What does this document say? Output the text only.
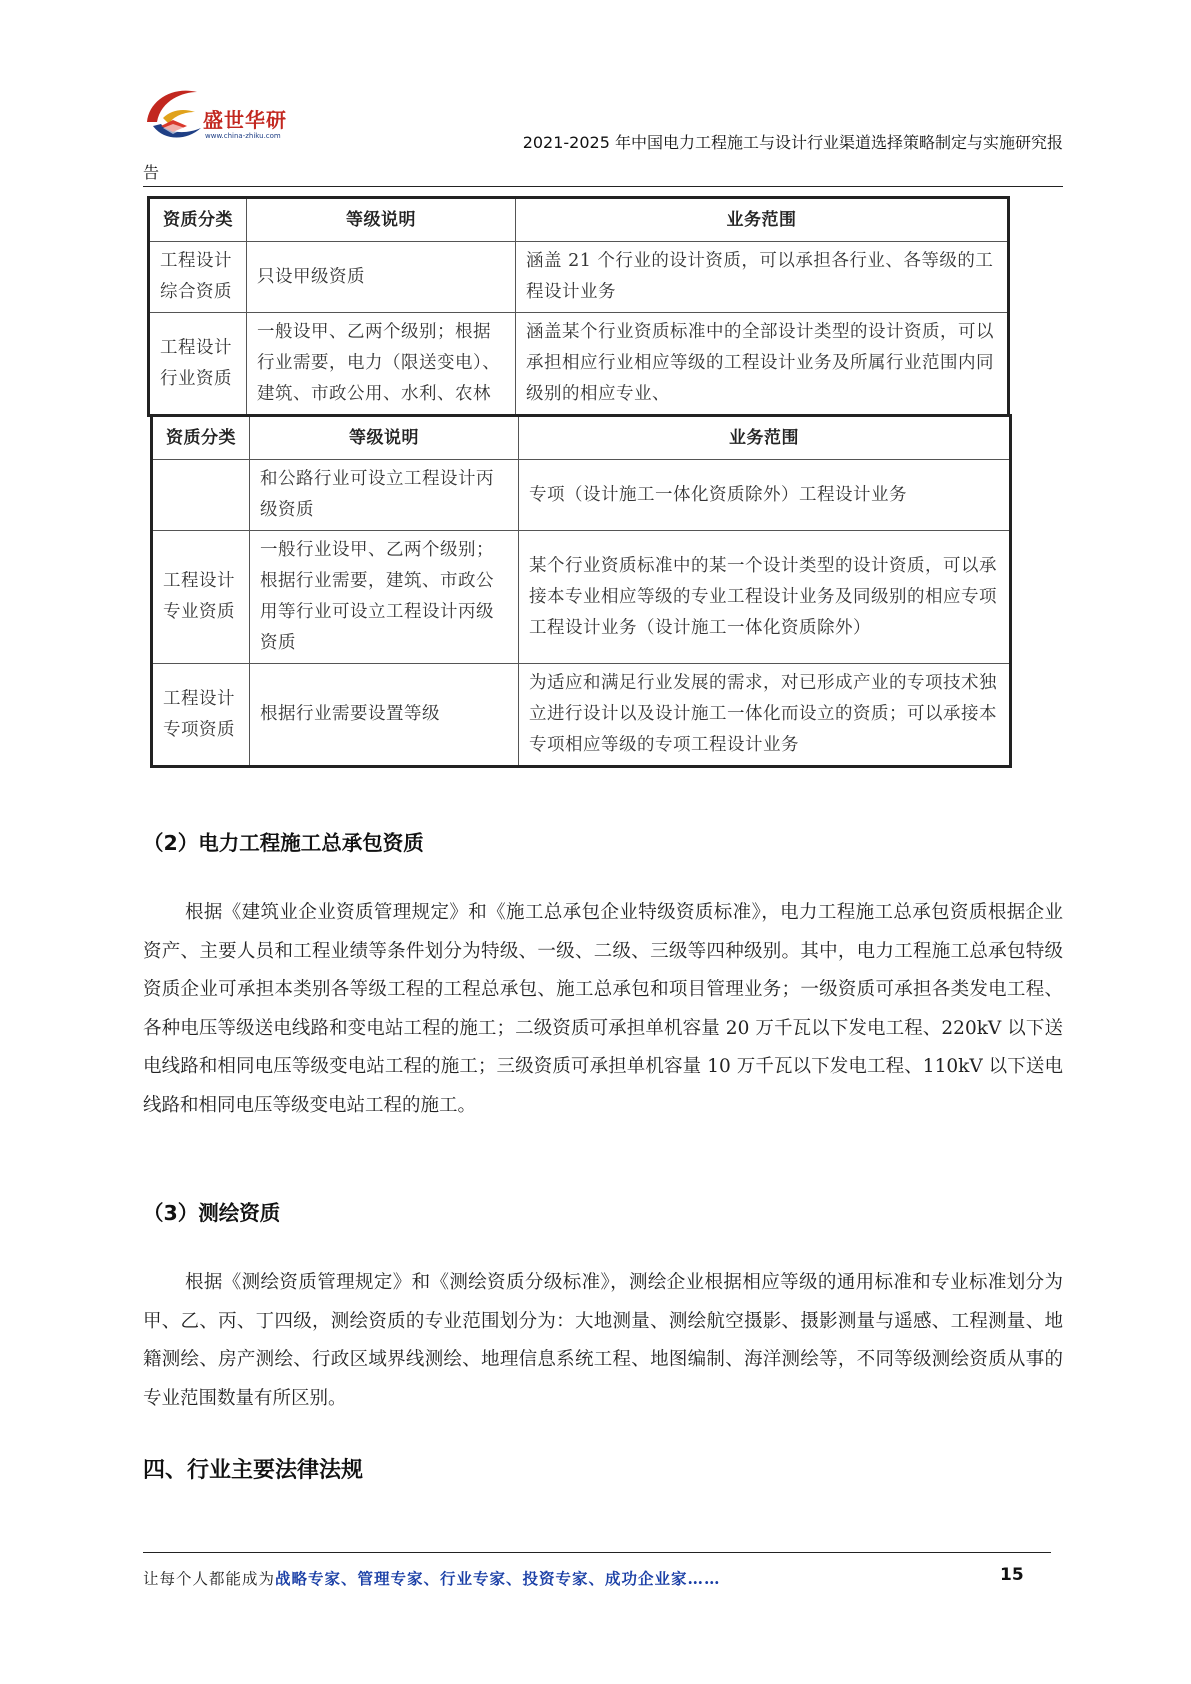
盛世华研
www.china-zhiku.com	2021-2025 年中国电力工程施工与设计行业渠道选择策略制定与实施研究报
告
资质分类	等级说明	业务范围
工程设计综合资质	只设甲级资质	涵盖 21 个行业的设计资质，可以承担各行业、各等级的工程设计业务
工程设计行业资质	一般设甲、乙两个级别；根据行业需要，电力（限送变电）、建筑、市政公用、水利、农林	涵盖某个行业资质标准中的全部设计类型的设计资质，可以承担相应行业相应等级的工程设计业务及所属行业范围内同级别的相应专业、
资质分类	等级说明	业务范围
	和公路行业可设立工程设计丙级资质	专项（设计施工一体化资质除外）工程设计业务
工程设计专业资质	一般行业设甲、乙两个级别；根据行业需要，建筑、市政公用等行业可设立工程设计丙级资质	某个行业资质标准中的某一个设计类型的设计资质，可以承接本专业相应等级的专业工程设计业务及同级别的相应专项工程设计业务（设计施工一体化资质除外）
工程设计专项资质	根据行业需要设置等级	为适应和满足行业发展的需求，对已形成产业的专项技术独立进行设计以及设计施工一体化而设立的资质；可以承接本专项相应等级的专项工程设计业务
（2）电力工程施工总承包资质

根据《建筑业企业资质管理规定》和《施工总承包企业特级资质标准》，电力工程施工总承包资质根据企业资产、主要人员和工程业绩等条件划分为特级、一级、二级、三级等四种级别。其中，电力工程施工总承包特级资质企业可承担本类别各等级工程的工程总承包、施工总承包和项目管理业务；一级资质可承担各类发电工程、各种电压等级送电线路和变电站工程的施工；二级资质可承担单机容量 20 万千瓦以下发电工程、220kV 以下送电线路和相同电压等级变电站工程的施工；三级资质可承担单机容量 10 万千瓦以下发电工程、110kV 以下送电线路和相同电压等级变电站工程的施工。

（3）测绘资质

根据《测绘资质管理规定》和《测绘资质分级标准》，测绘企业根据相应等级的通用标准和专业标准划分为甲、乙、丙、丁四级，测绘资质的专业范围划分为：大地测量、测绘航空摄影、摄影测量与遥感、工程测量、地籍测绘、房产测绘、行政区域界线测绘、地理信息系统工程、地图编制、海洋测绘等，不同等级测绘资质从事的专业范围数量有所区别。

四、行业主要法律法规
让每个人都能成为战略专家、管理专家、行业专家、投资专家、成功企业家……	15
